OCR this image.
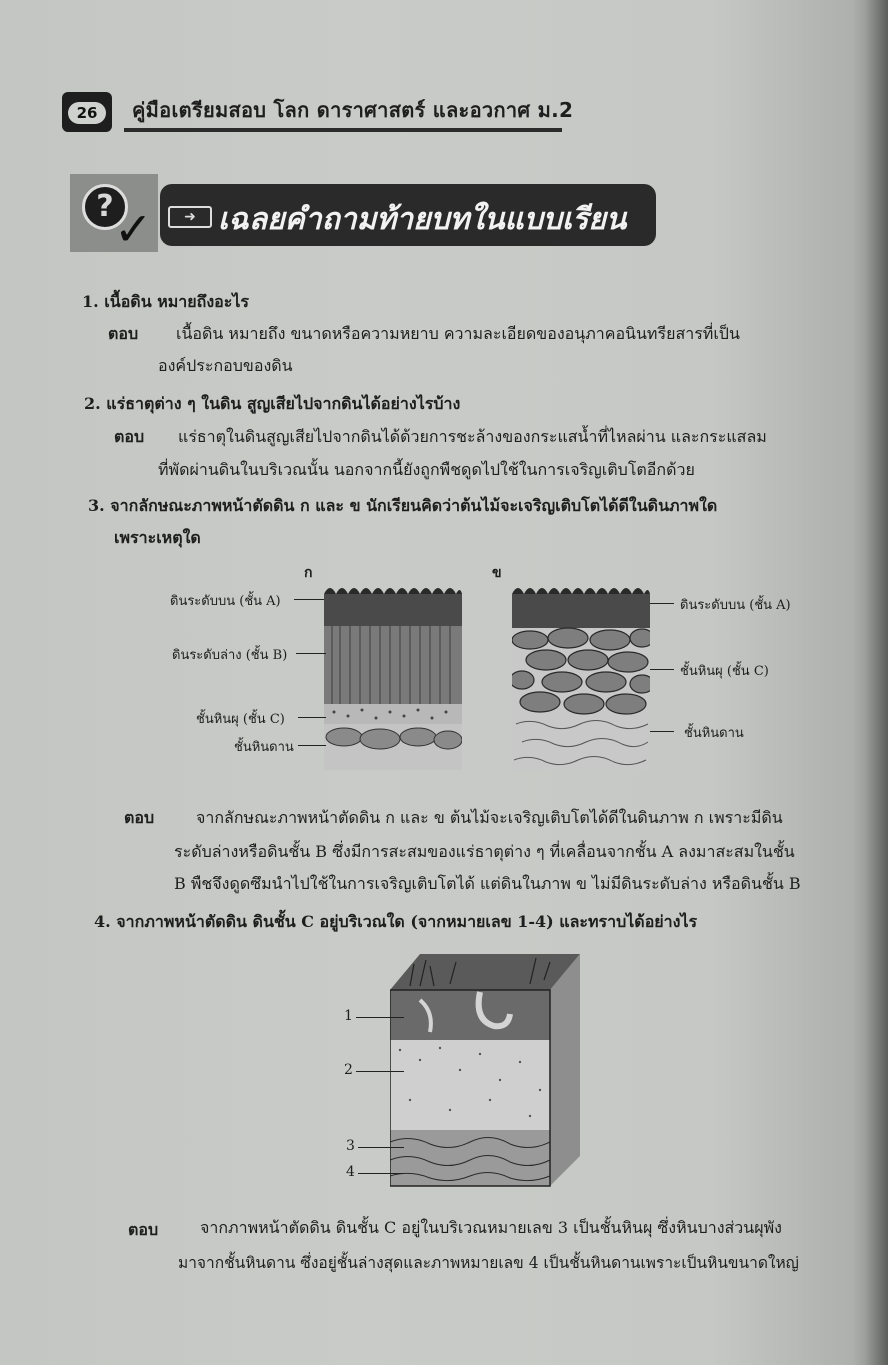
26	คู่มือเตรียมสอบ โลก ดาราศาสตร์ และอวกาศ ม.2
? ✓	➜ เฉลยคำถามท้ายบทในแบบเรียน
1. เนื้อดิน หมายถึงอะไร
ตอบ เนื้อดิน หมายถึง ขนาดหรือความหยาบ ความละเอียดของอนุภาคอนินทรียสารที่เป็น
องค์ประกอบของดิน
2. แร่ธาตุต่าง ๆ ในดิน สูญเสียไปจากดินได้อย่างไรบ้าง
ตอบ แร่ธาตุในดินสูญเสียไปจากดินได้ด้วยการชะล้างของกระแสน้ำที่ไหลผ่าน และกระแสลม
ที่พัดผ่านดินในบริเวณนั้น นอกจากนี้ยังถูกพืชดูดไปใช้ในการเจริญเติบโตอีกด้วย
3. จากลักษณะภาพหน้าตัดดิน ก และ ข นักเรียนคิดว่าต้นไม้จะเจริญเติบโตได้ดีในดินภาพใด
เพราะเหตุใด
ก
ดินระดับบน (ชั้น A)
ดินระดับล่าง (ชั้น B)
ชั้นหินผุ (ชั้น C)
ชั้นหินดาน
ข
ดินระดับบน (ชั้น A)
ชั้นหินผุ (ชั้น C)
ชั้นหินดาน
ตอบ	จากลักษณะภาพหน้าตัดดิน ก และ ข ต้นไม้จะเจริญเติบโตได้ดีในดินภาพ ก เพราะมีดิน
ระดับล่างหรือดินชั้น B ซึ่งมีการสะสมของแร่ธาตุต่าง ๆ ที่เคลื่อนจากชั้น A ลงมาสะสมในชั้น
B พืชจึงดูดซึมนำไปใช้ในการเจริญเติบโตได้ แต่ดินในภาพ ข ไม่มีดินระดับล่าง หรือดินชั้น B
4. จากภาพหน้าตัดดิน ดินชั้น C อยู่บริเวณใด (จากหมายเลข 1-4) และทราบได้อย่างไร
1
2
3
4
ตอบ	จากภาพหน้าตัดดิน ดินชั้น C อยู่ในบริเวณหมายเลข 3 เป็นชั้นหินผุ ซึ่งหินบางส่วนผุพัง
มาจากชั้นหินดาน ซึ่งอยู่ชั้นล่างสุดและภาพหมายเลข 4 เป็นชั้นหินดานเพราะเป็นหินขนาดใหญ่
